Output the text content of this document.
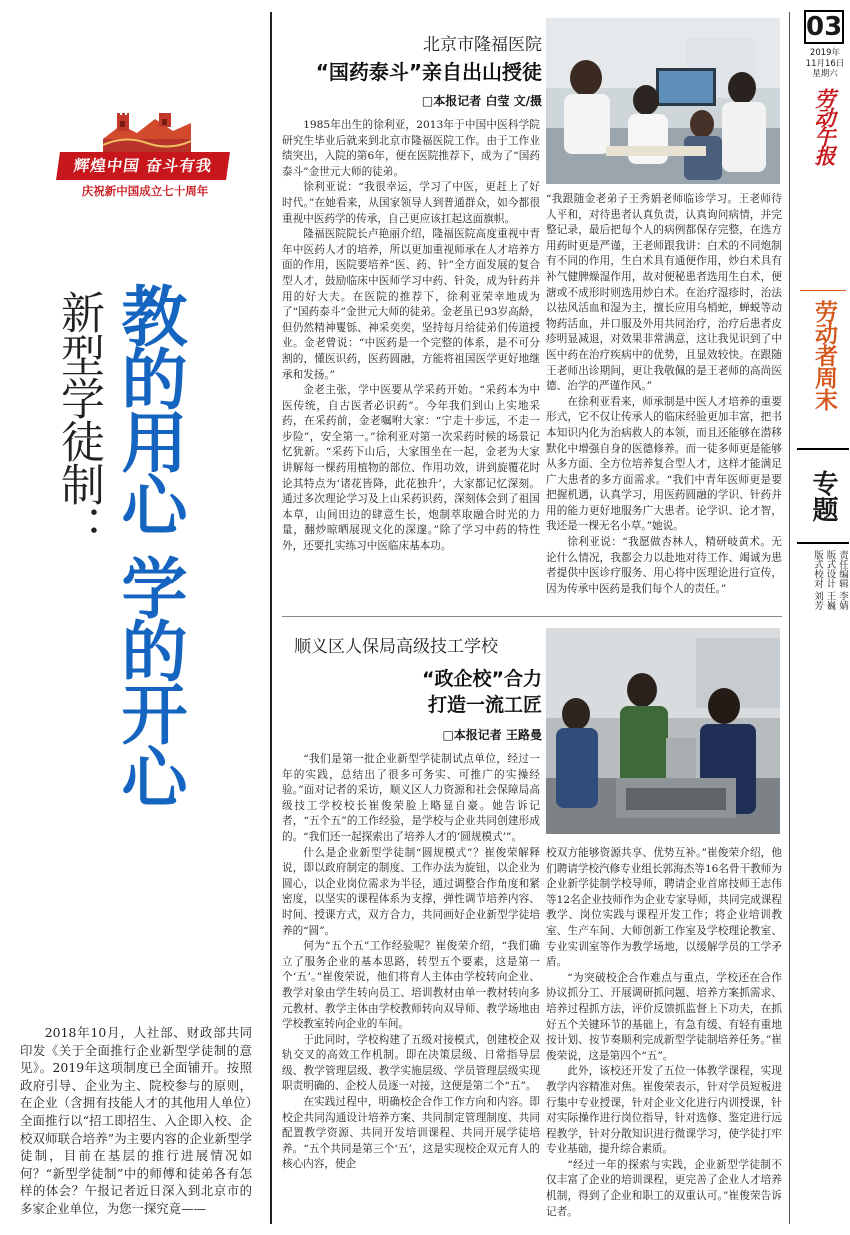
辉煌中国 奋斗有我
庆祝新中国成立七十周年
新型学徒制： 教的用心 学的开心
2018年10月，人社部、财政部共同印发《关于全面推行企业新型学徒制的意见》。2019年这项制度已全面铺开。按照政府引导、企业为主、院校参与的原则，在企业（含拥有技能人才的其他用人单位）全面推行以“招工即招生、入企即入校、企校双师联合培养”为主要内容的企业新型学徒制，目前在基层的推行进展情况如何？“新型学徒制”中的师傅和徒弟各有怎样的体会？午报记者近日深入到北京市的多家企业单位，为您一探究竟——
03
2019年
11月16日
星期六
劳动午报
劳动者周末
专题
责任编辑 李婧
版式设计 王巍
版式校对 刘芳
北京市隆福医院
“国药泰斗”亲自出山授徒
□本报记者 白莹 文/摄

1985年出生的徐利亚，2013年于中国中医科学院研究生毕业后就来到北京市隆福医院工作。由于工作业绩突出，入院的第6年，便在医院推荐下，成为了“国药泰斗”金世元大师的徒弟。

徐利亚说：“我很幸运，学习了中医，更赶上了好时代。”在她看来，从国家领导人到普通群众，如今都很重视中医药学的传承，自己更应该扛起这面旗帜。

隆福医院院长卢艳丽介绍，隆福医院高度重视中青年中医药人才的培养，所以更加重视师承在人才培养方面的作用，医院要培养“医、药、针”全方面发展的复合型人才，鼓励临床中医师学习中药、针灸，成为针药并用的好大夫。在医院的推荐下，徐利亚荣幸地成为了“国药泰斗”金世元大师的徒弟。金老虽已93岁高龄，但仍然精神矍铄、神采奕奕，坚持每月给徒弟们传道授业。金老曾说：“中医药是一个完整的体系，是不可分割的，懂医识药，医药圆融，方能将祖国医学更好地继承和发扬。”

金老主张，学中医要从学采药开始。“采药本为中医传统，自古医者必识药”。今年我们到山上实地采药，在采药前，金老嘱咐大家：“宁走十步远，不走一步险”，安全第一。”徐利亚对第一次采药时候的场景记忆犹新。“采药下山后，大家围坐在一起，金老为大家讲解每一棵药用植物的部位、作用功效，讲到旋覆花时论其特点为‘诸花皆降，此花独升’，大家都记忆深刻。通过多次理论学习及上山采药识药，深刻体会到了祖国本草，山间田边的肆意生长，炮制萃取融合时光的力量，翻炒晾晒展现文化的深邃。”除了学习中药的特性外，还要扎实练习中医临床基本功。

“我跟随金老弟子王秀娟老师临诊学习。王老师待人平和，对待患者认真负责，认真询问病情，并完整记录，最后把每个人的病例都保存完整，在选方用药时更是严谨，王老师跟我讲：白术的不同炮制有不同的作用，生白术具有通便作用，炒白术具有补气健脾燥湿作用，故对便秘患者选用生白术，便溏或不成形时则选用炒白术。在治疗湿疹时，治法以祛风活血和湿为主，擅长应用乌梢蛇，蝉蜕等动物药活血，并口服及外用共同治疗，治疗后患者皮疹明显减退，对效果非常满意，这让我见识到了中医中药在治疗疾病中的优势，且显效较快。在跟随王老师出诊期间，更让我敬佩的是王老师的高尚医德、治学的严谨作风。”

在徐利亚看来，师承制是中医人才培养的重要形式，它不仅让传承人的临床经验更加丰富，把书本知识内化为治病救人的本领，而且还能够在潜移默化中增强自身的医德修养。而一徒多师更是能够从多方面、全方位培养复合型人才，这样才能满足广大患者的多方面需求。“我们中青年医师更是要把握机遇，认真学习，用医药圆融的学识、针药并用的能力更好地服务广大患者。论学识、论才智，我还是一棵无名小草。”她说。

徐利亚说：“我愿做杏林人，精研岐黄术。无论什么情况，我都会力以赴地对待工作、竭诚为患者提供中医诊疗服务、用心将中医理论进行宣传，因为传承中医药是我们每个人的责任。”

顺义区人保局高级技工学校
“政企校”合力
打造一流工匠
□本报记者 王路曼

“我们是第一批企业新型学徒制试点单位，经过一年的实践，总结出了很多可务实、可推广的实操经验。”面对记者的采访，顺义区人力资源和社会保障局高级技工学校校长崔俊荣脸上略显自豪。她告诉记者，“五个五”的工作经验，是学校与企业共同创建形成的。“我们还一起探索出了培养人才的‘圆规模式’”。

什么是企业新型学徒制“圆规模式”？崔俊荣解释说，即以政府制定的制度、工作办法为旋钮，以企业为圆心，以企业岗位需求为半径，通过调整合作角度和紧密度，以坚实的课程体系为支撑，弹性调节培养内容、时间、授课方式，双方合力，共同画好企业新型学徒培养的“圆”。

何为“五个五”工作经验呢？崔俊荣介绍，“我们确立了服务企业的基本思路，转型五个要素，这是第一个‘五’。”崔俊荣说，他们将育人主体由学校转向企业、教学对象由学生转向员工、培训教材由单一教材转向多元教材、教学主体由学校教师转向双导师、教学场地由学校教室转向企业的车间。

于此同时，学校构建了五级对接模式，创建校企双轨交叉的高效工作机制。即在决策层级、日常指导层级、教学管理层级、教学实施层级、学员管理层级实现职责明确的、企校人员逐一对接，这便是第二个“五”。

在实践过程中，明确校企合作工作方向和内容。即校企共同沟通设计培养方案、共同制定管理制度、共同配置教学资源、共同开发培训课程、共同开展学徒培养。“五个共同是第三个‘五’，这是实现校企双元育人的核心内容，使企

校双方能够资源共享、优势互补。”崔俊荣介绍，他们聘请学校汽修专业组长郭海杰等16名骨干教师为企业新学徒制学校导师，聘请企业首席技师王志伟等12名企业技师作为企业专家导师，共同完成课程教学、岗位实践与课程开发工作；将企业培训教室、生产车间、大师创新工作室及学校理论教室、专业实训室等作为教学场地，以缓解学员的工学矛盾。

“为突破校企合作难点与重点，学校还在合作协议抓分工、开展调研抓问题、培养方案抓需求、培养过程抓方法，评价反馈抓监督上下功夫，在抓好五个关键环节的基础上，有急有缓、有轻有重地按计划、按节奏顺利完成新型学徒制培养任务。”崔俊荣说，这是第四个“五”。

此外，该校还开发了五位一体教学课程，实现教学内容精准对焦。崔俊荣表示，针对学员短板进行集中专业授课，针对企业文化进行内训授课，针对实际操作进行岗位指导，针对选修、鉴定进行远程教学，针对分散知识进行微课学习，使学徒打牢专业基础，提升综合素质。

“经过一年的探索与实践，企业新型学徒制不仅丰富了企业的培训课程，更完善了企业人才培养机制，得到了企业和职工的双重认可。”崔俊荣告诉记者。
